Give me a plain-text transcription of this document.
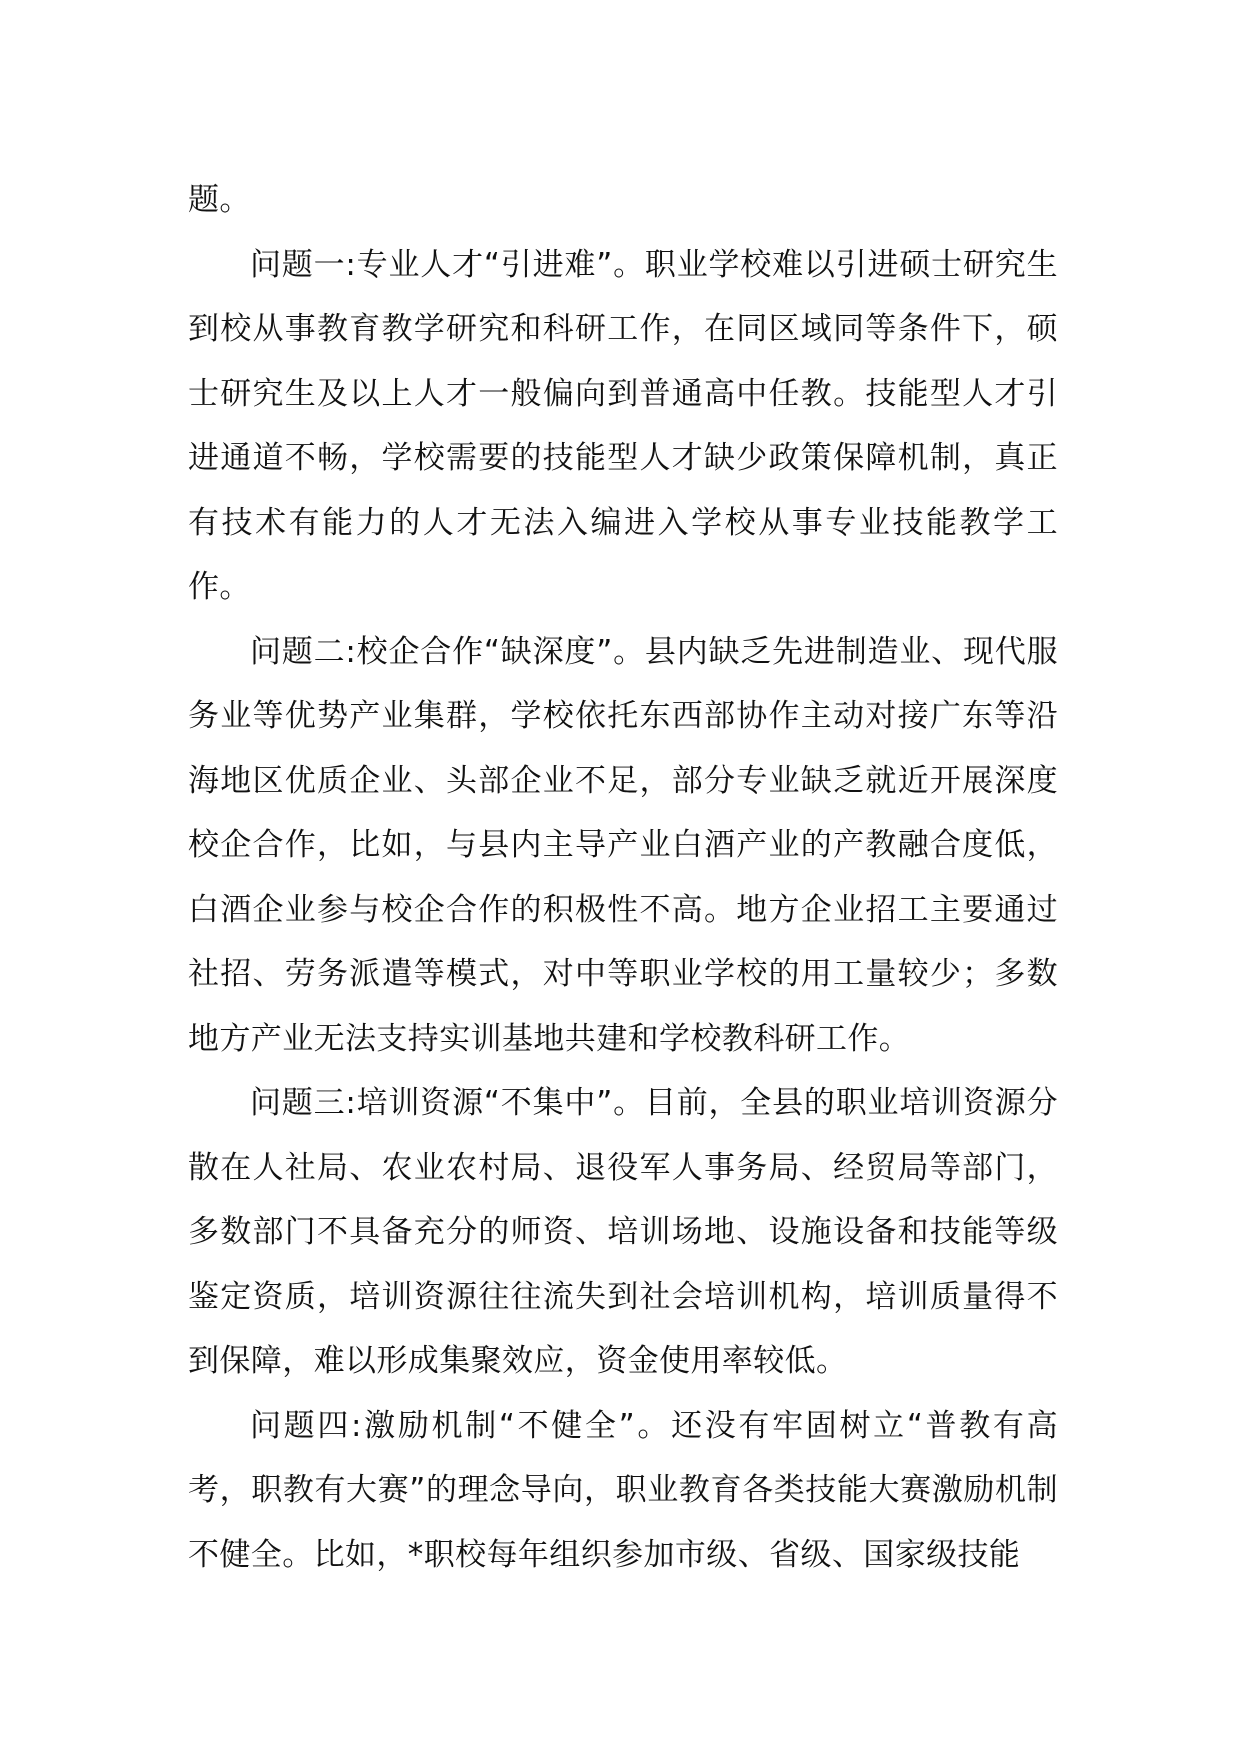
题。

问题一:专业人才“引进难”。职业学校难以引进硕士研究生到校从事教育教学研究和科研工作，在同区域同等条件下，硕士研究生及以上人才一般偏向到普通高中任教。技能型人才引进通道不畅，学校需要的技能型人才缺少政策保障机制，真正有技术有能力的人才无法入编进入学校从事专业技能教学工作。

问题二:校企合作“缺深度”。县内缺乏先进制造业、现代服务业等优势产业集群，学校依托东西部协作主动对接广东等沿海地区优质企业、头部企业不足，部分专业缺乏就近开展深度校企合作，比如，与县内主导产业白酒产业的产教融合度低，白酒企业参与校企合作的积极性不高。地方企业招工主要通过社招、劳务派遣等模式，对中等职业学校的用工量较少；多数地方产业无法支持实训基地共建和学校教科研工作。

问题三:培训资源“不集中”。目前，全县的职业培训资源分散在人社局、农业农村局、退役军人事务局、经贸局等部门，多数部门不具备充分的师资、培训场地、设施设备和技能等级鉴定资质，培训资源往往流失到社会培训机构，培训质量得不到保障，难以形成集聚效应，资金使用率较低。

问题四:激励机制“不健全”。还没有牢固树立“普教有高考，职教有大赛”的理念导向，职业教育各类技能大赛激励机制不健全。比如，*职校每年组织参加市级、省级、国家级技能
